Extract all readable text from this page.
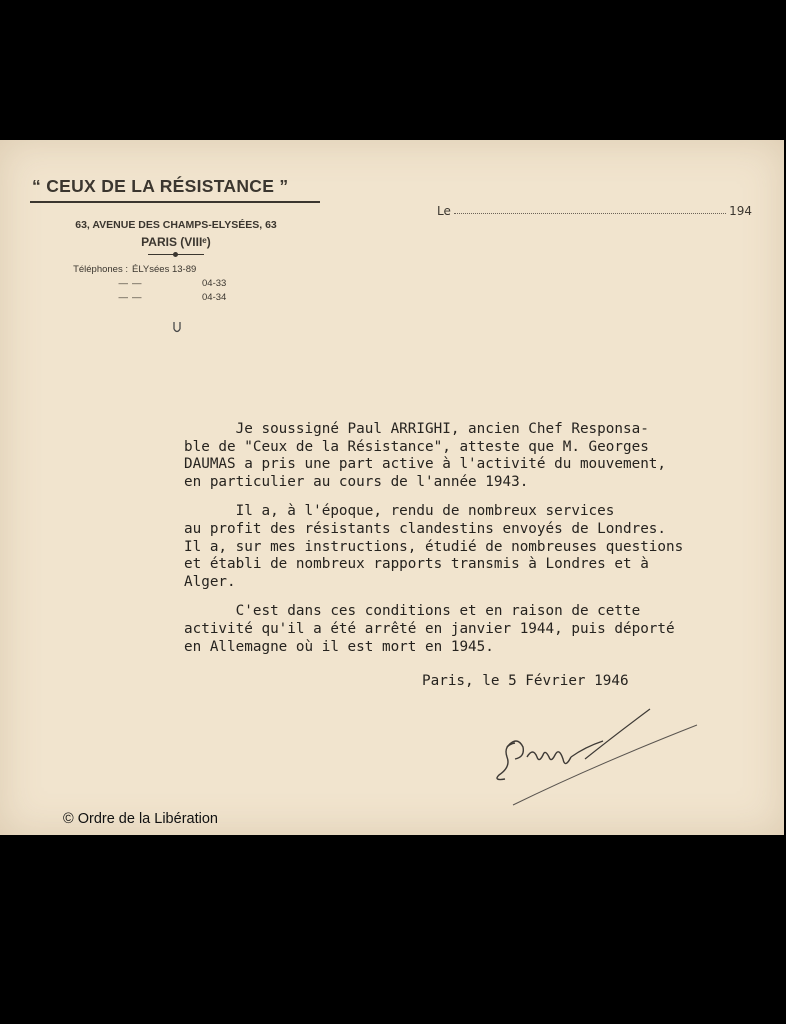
“ CEUX DE LA RÉSISTANCE ”
63, AVENUE DES CHAMPS-ELYSÉES, 63
PARIS (VIIIᵉ)
Téléphones : ÉLYsées 13-89
— —	04-33
— —	04-34
Le	194
Je soussigné Paul ARRIGHI, ancien Chef Responsa-
ble de "Ceux de la Résistance", atteste que M. Georges
DAUMAS a pris une part active à l'activité du mouvement,
en particulier au cours de l'année 1943.
Il a, à l'époque, rendu de nombreux services
au profit des résistants clandestins envoyés de Londres.
Il a, sur mes instructions, étudié de nombreuses questions
et établi de nombreux rapports transmis à Londres et à
Alger.
C'est dans ces conditions et en raison de cette
activité qu'il a été arrêté en janvier 1944, puis déporté
en Allemagne où il est mort en 1945.
Paris, le 5 Février 1946
© Ordre de la Libération
